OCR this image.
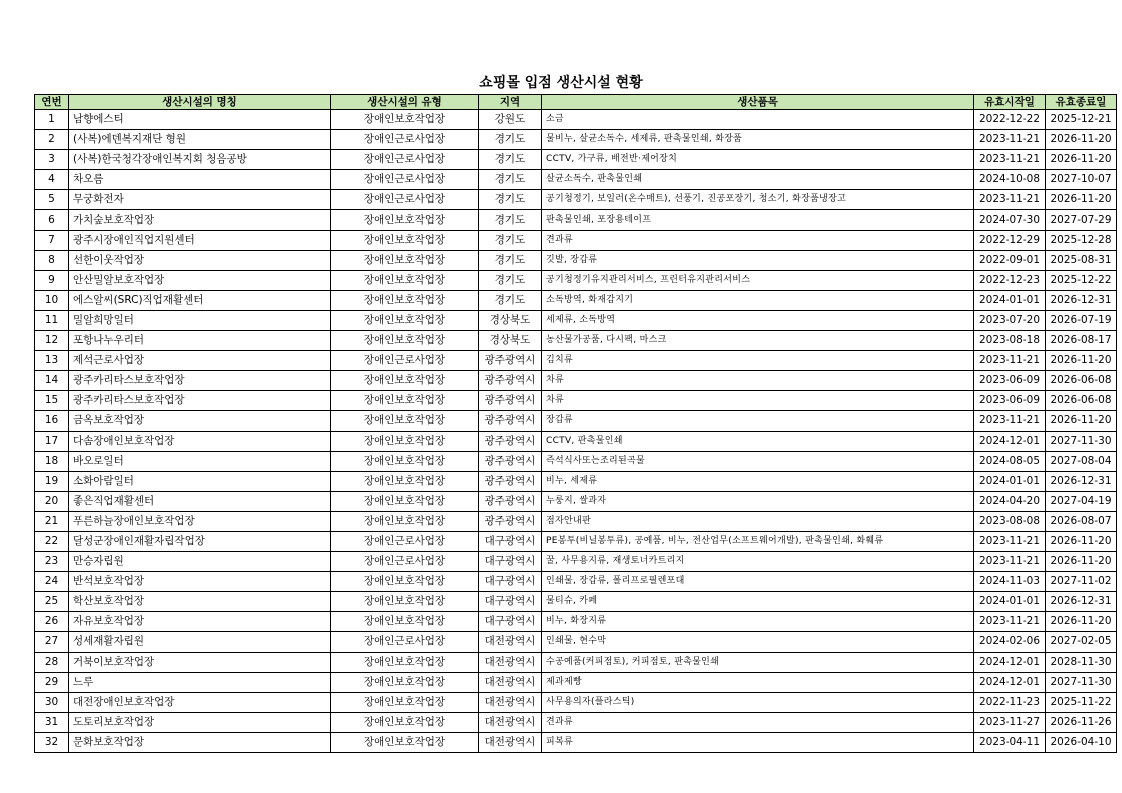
쇼핑몰 입점 생산시설 현황
연번	생산시설의 명칭	생산시설의 유형	지역	생산품목	유효시작일	유효종료일
1	남향에스티	장애인보호작업장	강원도	소금	2022-12-22	2025-12-21
2	(사복)에덴복지재단 형원	장애인근로사업장	경기도	물비누, 살균소독수, 세제류, 판촉물인쇄, 화장품	2023-11-21	2026-11-20
3	(사복)한국청각장애인복지회 청음공방	장애인근로사업장	경기도	CCTV, 가구류, 배전반·제어장치	2023-11-21	2026-11-20
4	차오름	장애인근로사업장	경기도	살균소독수, 판촉물인쇄	2024-10-08	2027-10-07
5	무궁화전자	장애인근로사업장	경기도	공기청정기, 보일러(온수매트), 선풍기, 진공포장기, 청소기, 화장품냉장고	2023-11-21	2026-11-20
6	가치숲보호작업장	장애인보호작업장	경기도	판촉물인쇄, 포장용테이프	2024-07-30	2027-07-29
7	광주시장애인직업지원센터	장애인보호작업장	경기도	견과류	2022-12-29	2025-12-28
8	선한이웃작업장	장애인보호작업장	경기도	깃발, 장갑류	2022-09-01	2025-08-31
9	안산밀알보호작업장	장애인보호작업장	경기도	공기청정기유지관리서비스, 프린터유지관리서비스	2022-12-23	2025-12-22
10	에스알씨(SRC)직업재활센터	장애인보호작업장	경기도	소독방역, 화재감지기	2024-01-01	2026-12-31
11	밀알희망일터	장애인보호작업장	경상북도	세제류, 소독방역	2023-07-20	2026-07-19
12	포항나누우리터	장애인보호작업장	경상북도	농산물가공품, 다시팩, 마스크	2023-08-18	2026-08-17
13	제석근로사업장	장애인근로사업장	광주광역시	김치류	2023-11-21	2026-11-20
14	광주카리타스보호작업장	장애인보호작업장	광주광역시	차류	2023-06-09	2026-06-08
15	광주카리타스보호작업장	장애인보호작업장	광주광역시	차류	2023-06-09	2026-06-08
16	금옥보호작업장	장애인보호작업장	광주광역시	장갑류	2023-11-21	2026-11-20
17	다솜장애인보호작업장	장애인보호작업장	광주광역시	CCTV, 판촉물인쇄	2024-12-01	2027-11-30
18	바오로일터	장애인보호작업장	광주광역시	즉석식사또는조리된곡물	2024-08-05	2027-08-04
19	소화아람일터	장애인보호작업장	광주광역시	비누, 세제류	2024-01-01	2026-12-31
20	좋은직업재활센터	장애인보호작업장	광주광역시	누룽지, 쌀과자	2024-04-20	2027-04-19
21	푸른하늘장애인보호작업장	장애인보호작업장	광주광역시	점자안내판	2023-08-08	2026-08-07
22	달성군장애인재활자립작업장	장애인근로사업장	대구광역시	PE봉투(비닐봉투류), 공예품, 비누, 전산업무(소프트웨어개발), 판촉물인쇄, 화훼류	2023-11-21	2026-11-20
23	만승자립원	장애인근로사업장	대구광역시	꿀, 사무용지류, 재생토너카트리지	2023-11-21	2026-11-20
24	반석보호작업장	장애인보호작업장	대구광역시	인쇄물, 장갑류, 폴리프로필렌포대	2024-11-03	2027-11-02
25	학산보호작업장	장애인보호작업장	대구광역시	물티슈, 카페	2024-01-01	2026-12-31
26	자유보호작업장	장애인보호작업장	대구광역시	비누, 화장지류	2023-11-21	2026-11-20
27	성세재활자립원	장애인근로사업장	대전광역시	인쇄물, 현수막	2024-02-06	2027-02-05
28	거북이보호작업장	장애인보호작업장	대전광역시	수공예품(커피점토), 커피점토, 판촉물인쇄	2024-12-01	2028-11-30
29	느루	장애인보호작업장	대전광역시	제과제빵	2024-12-01	2027-11-30
30	대전장애인보호작업장	장애인보호작업장	대전광역시	사무용의자(플라스틱)	2022-11-23	2025-11-22
31	도토리보호작업장	장애인보호작업장	대전광역시	견과류	2023-11-27	2026-11-26
32	문화보호작업장	장애인보호작업장	대전광역시	피복류	2023-04-11	2026-04-10
